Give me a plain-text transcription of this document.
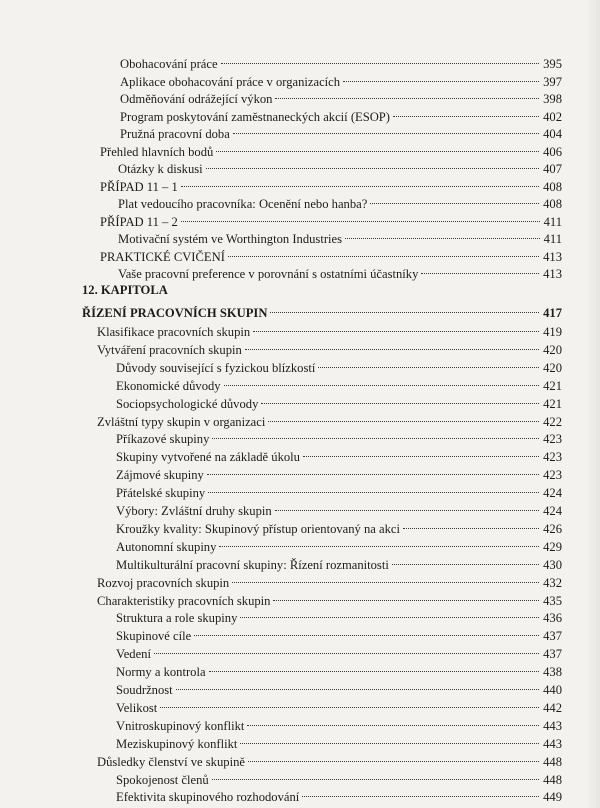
Obohacování práce	395
Aplikace obohacování práce v organizacích	397
Odměňování odrážející výkon	398
Program poskytování zaměstnaneckých akcií (ESOP)	402
Pružná pracovní doba	404
Přehled hlavních bodů	406
Otázky k diskusi	407
PŘÍPAD 11 – 1	408
Plat vedoucího pracovníka: Ocenění nebo hanba?	408
PŘÍPAD 11 – 2	411
Motivační systém ve Worthington Industries	411
PRAKTICKÉ CVIČENÍ	413
Vaše pracovní preference v porovnání s ostatními účastníky	413
12. KAPITOLA
ŘÍZENÍ PRACOVNÍCH SKUPIN	417
Klasifikace pracovních skupin	419
Vytváření pracovních skupin	420
Důvody související s fyzickou blízkostí	420
Ekonomické důvody	421
Sociopsychologické důvody	421
Zvláštní typy skupin v organizaci	422
Příkazové skupiny	423
Skupiny vytvořené na základě úkolu	423
Zájmové skupiny	423
Přátelské skupiny	424
Výbory: Zvláštní druhy skupin	424
Kroužky kvality: Skupinový přístup orientovaný na akci	426
Autonomní skupiny	429
Multikulturální pracovní skupiny: Řízení rozmanitosti	430
Rozvoj pracovních skupin	432
Charakteristiky pracovních skupin	435
Struktura a role skupiny	436
Skupinové cíle	437
Vedení	437
Normy a kontrola	438
Soudržnost	440
Velikost	442
Vnitroskupinový konflikt	443
Meziskupinový konflikt	443
Důsledky členství ve skupině	448
Spokojenost členů	448
Efektivita skupinového rozhodování	449
